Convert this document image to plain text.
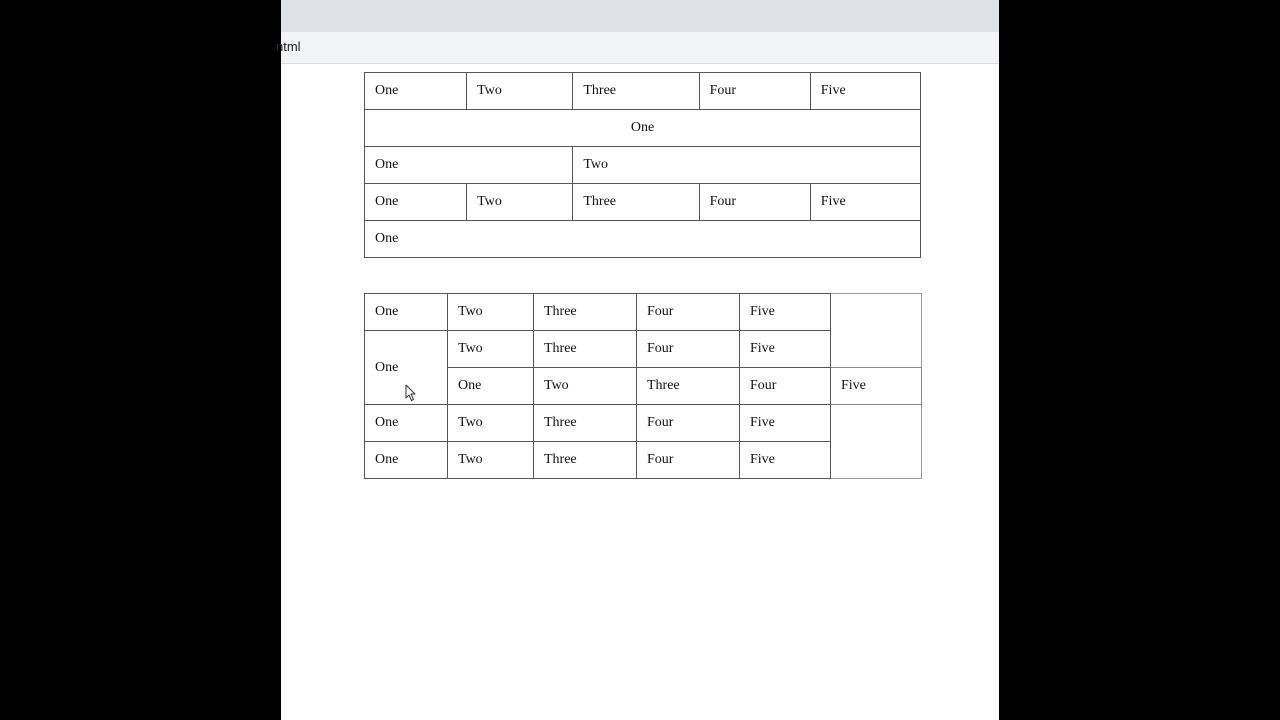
ntml
One	Two	Three	Four	Five
One				
One		Two		
One	Two	Three	Four	Five
One				
One	Two	Three	Four	Five	
One	Two	Three	Four	Five	
	One	Two	Three	Four	Five
One	Two	Three	Four	Five	
One	Two	Three	Four	Five	
